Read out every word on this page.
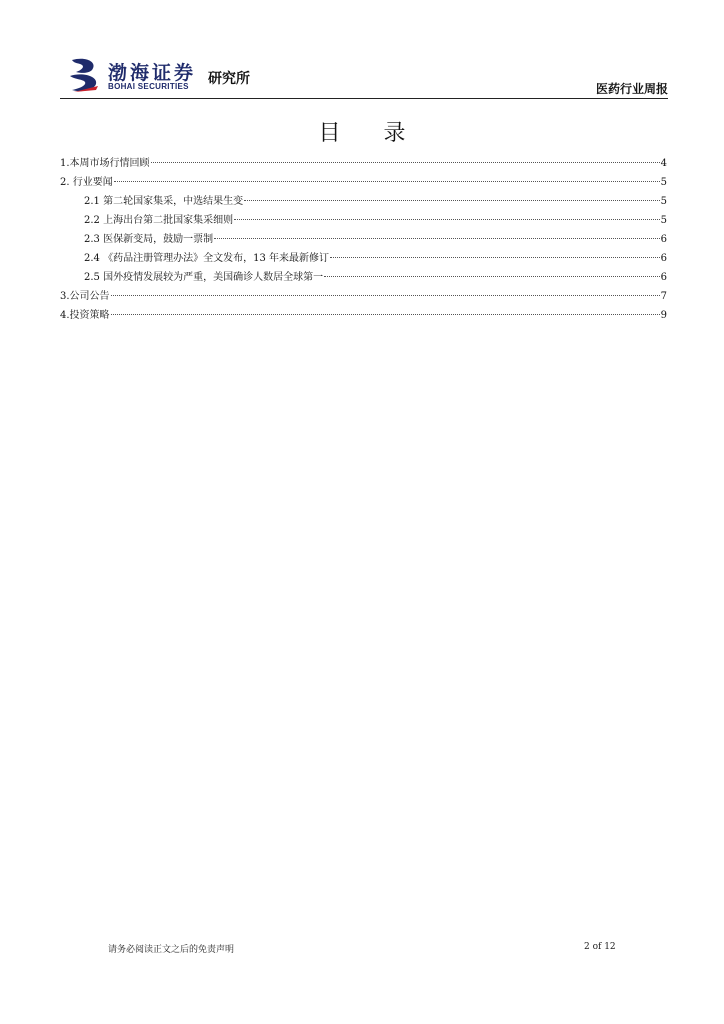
渤海证券
BOHAI SECURITIES 研究所
医药行业周报
目 录
1.本周市场行情回顾	4
2. 行业要闻	5
2.1 第二轮国家集采，中选结果生变	5
2.2 上海出台第二批国家集采细则	5
2.3 医保新变局，鼓励一票制	6
2.4 《药品注册管理办法》全文发布，13 年来最新修订	6
2.5 国外疫情发展较为严重，美国确诊人数居全球第一	6
3.公司公告	7
4.投资策略	9
请务必阅读正文之后的免责声明	2 of 12
